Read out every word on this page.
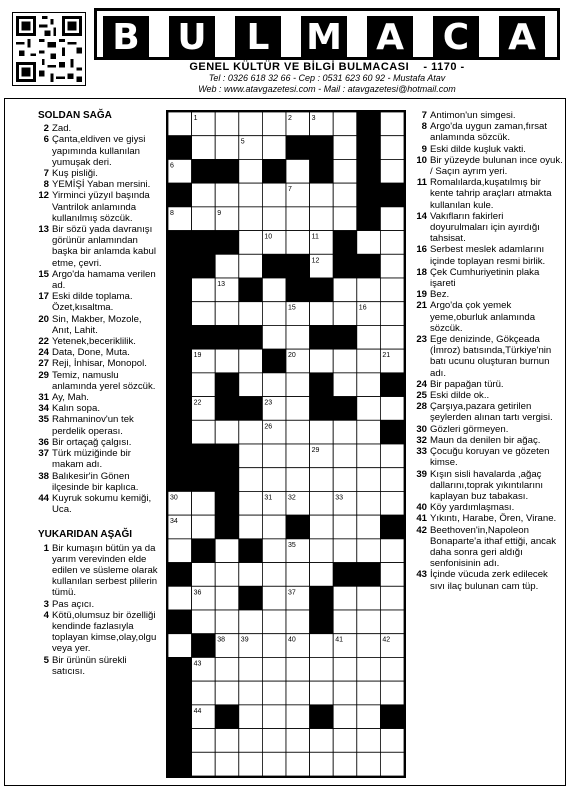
B U	L	M A C A
GENEL KÜLTÜR VE BİLGİ BULMACASI - 1170 -
Tel : 0326 618 32 66 - Cep : 0531 623 60 92 - Mustafa Atav
Web : www.atavgazetesi.com - Mail : atavgazetesi@hotmail.com
SOLDAN SAĞA
2 Zad.
6 Çanta,eldiven ve giysi yapımında kullanılan yumuşak deri.
7 Kuş pisliği.
8 YEMİŞİ Yaban mersini.
12 Yirminci yüzyıl başında Vantrilok anlamında kullanılmış sözcük.
13 Bir sözü yada davranışı görünür anlamından başka bir anlamda kabul etme, çevri.
15 Argo'da hamama verilen ad.
17 Eski dilde toplama. Özet,kısaltma.
20 Sin, Makber, Mozole, Anıt, Lahit.
22 Yetenek,beceriklilik.
24 Data, Done, Muta.
27 Reji, İnhisar, Monopol.
29 Temiz, namuslu anlamında yerel sözcük.
31 Ay, Mah.
34 Kalın sopa.
35 Rahmaninov'un tek perdelik operası.
36 Bir ortaçağ çalgısı.
37 Türk müziğinde bir makam adı.
38 Balıkesir'in Gönen ilçesinde bir kaplıca.
44 Kuyruk sokumu kemiği, Uca.
YUKARIDAN AŞAĞI
1 Bir kumaşın bütün ya da yarım verevinden elde edilen ve süsleme olarak kullanılan serbest plilerin tümü.
3 Pas açıcı.
4 Kötü,olumsuz bir özelliği kendinde fazlasıyla toplayan kimse,olay,olgu veya yer.
5 Bir ürünün sürekli satıcısı.
1	2	3	4
5
6
7
8	9
10	11
12
13	14
15	16
17 18
19	20	21
22	23	24 25
26
27	28	29
30	31 32	33
34
35
36	37
38 39	40	41	42
43
44
7 Antimon'un simgesi.
8 Argo'da uygun zaman,fırsat anlamında sözcük.
9 Eski dilde kuşluk vakti.
10 Bir yüzeyde bulunan ince oyuk. / Saçın ayrım yeri.
11 Romalılarda,kuşatılmış bir kente tahrip araçları atmakta kullanılan kule.
14 Vakıfların fakirleri doyurulmaları için ayırdığı tahsisat.
16 Serbest meslek adamlarını içinde toplayan resmi birlik.
18 Çek Cumhuriyetinin plaka işareti
19 Bez.
21 Argo'da çok yemek yeme,oburluk anlamında sözcük.
23 Ege denizinde, Gökçeada (İmroz) batısında,Türkiye'nin batı ucunu oluşturan burnun adı.
24 Bir papağan türü.
25 Eski dilde ok..
28 Çarşıya,pazara getirilen şeylerden alınan tartı vergisi.
30 Gözleri görmeyen.
32 Maun da denilen bir ağaç.
33 Çocuğu koruyan ve gözeten kimse.
39 Kışın sisli havalarda ,ağaç dallarını,toprak yıkıntılarını kaplayan buz tabakası.
40 Köy yardımlaşması.
41 Yıkıntı, Harabe, Ören, Virane.
42 Beethoven'in,Napoleon Bonaparte'a ithaf ettiği, ancak daha sonra geri aldığı senfonisinin adı.
43 İçinde vücuda zerk edilecek sıvı ilaç bulunan cam tüp.
